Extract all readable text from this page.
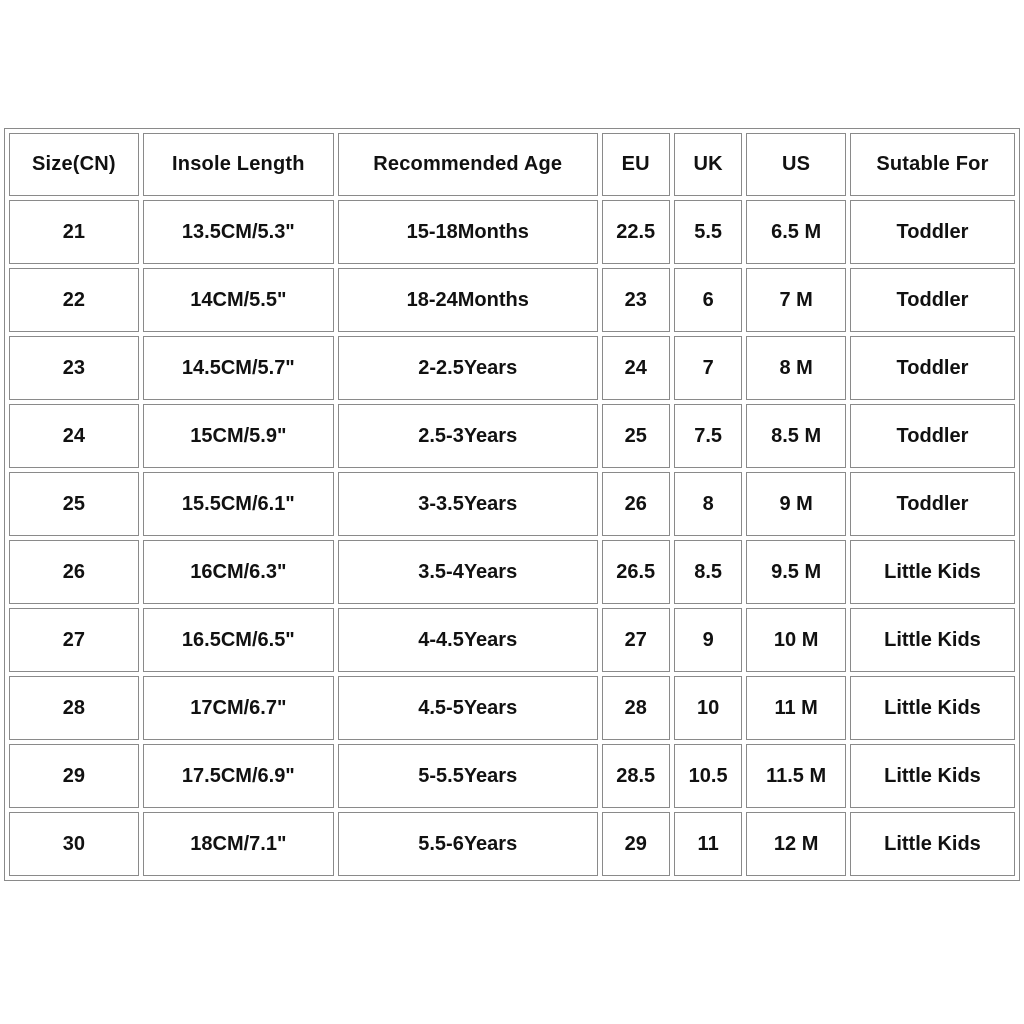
Size(CN)	Insole Length	Recommended Age	EU	UK	US	Sutable For
21	13.5CM/5.3"	15-18Months	22.5	5.5	6.5 M	Toddler
22	14CM/5.5"	18-24Months	23	6	7 M	Toddler
23	14.5CM/5.7"	2-2.5Years	24	7	8 M	Toddler
24	15CM/5.9"	2.5-3Years	25	7.5	8.5 M	Toddler
25	15.5CM/6.1"	3-3.5Years	26	8	9 M	Toddler
26	16CM/6.3"	3.5-4Years	26.5	8.5	9.5 M	Little Kids
27	16.5CM/6.5"	4-4.5Years	27	9	10 M	Little Kids
28	17CM/6.7"	4.5-5Years	28	10	11 M	Little Kids
29	17.5CM/6.9"	5-5.5Years	28.5	10.5	11.5 M	Little Kids
30	18CM/7.1"	5.5-6Years	29	11	12 M	Little Kids
